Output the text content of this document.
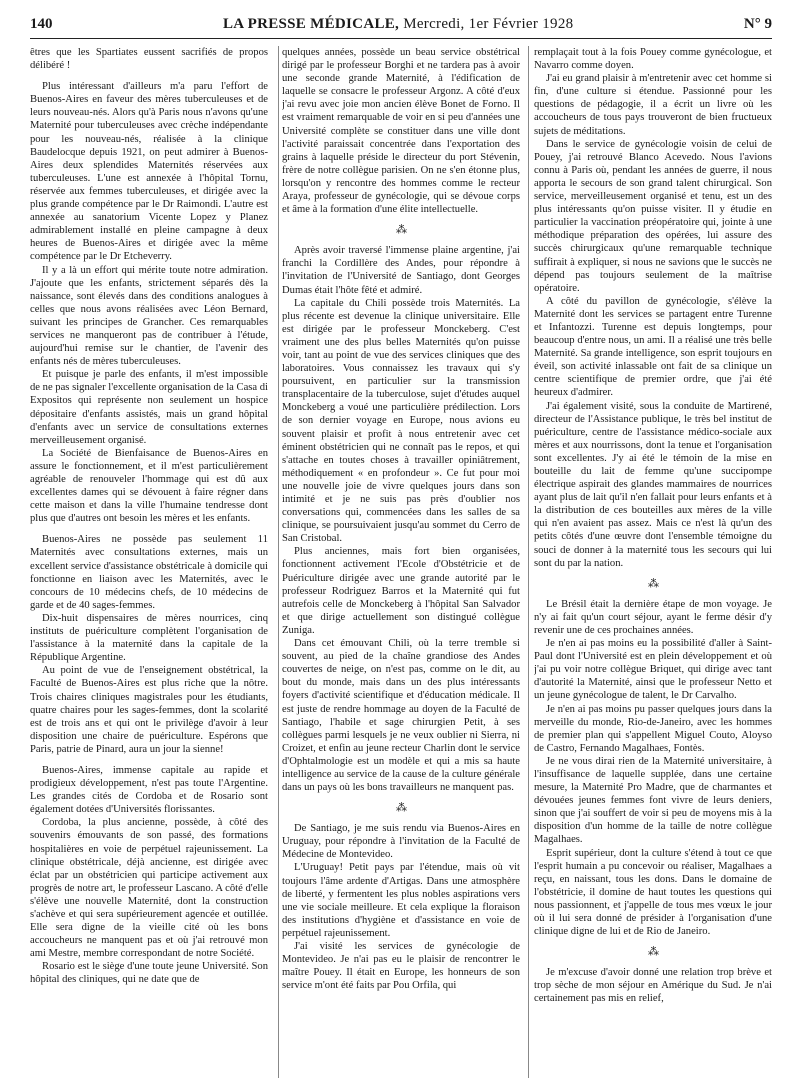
140	LA PRESSE MÉDICALE, Mercredi, 1er Février 1928	N° 9

êtres que les Spartiates eussent sacrifiés de propos délibéré !

Plus intéressant d'ailleurs m'a paru l'effort de Buenos-Aires en faveur des mères tuberculeuses et de leurs nouveau-nés. Alors qu'à Paris nous n'avons qu'une Maternité pour tuberculeuses avec crèche indépendante pour les nouveau-nés, réalisée à la clinique Baudelocque depuis 1921, on peut admirer à Buenos-Aires deux splendides Maternités réservées aux tuberculeuses. L'une est annexée à l'hôpital Tornu, réservée aux femmes tuberculeuses, et dirigée avec la plus grande compétence par le Dr Raimondi. L'autre est annexée au sanatorium Vicente Lopez y Planez admirablement installé en pleine campagne à deux heures de Buenos-Aires et dirigée avec la même compétence par le Dr Etcheverry.

Il y a là un effort qui mérite toute notre admiration. J'ajoute que les enfants, strictement séparés dès la naissance, sont élevés dans des conditions analogues à celles que nous avons réalisées avec Léon Bernard, suivant les principes de Grancher. Ces remarquables services ne manqueront pas de contribuer à l'étude, aujourd'hui remise sur le chantier, de l'avenir des enfants nés de mères tuberculeuses.

Et puisque je parle des enfants, il m'est impossible de ne pas signaler l'excellente organisation de la Casa di Expositos qui représente non seulement un hospice dépositaire d'enfants assistés, mais un grand hôpital d'enfants avec un service de consultations externes merveilleusement organisé.

La Société de Bienfaisance de Buenos-Aires en assure le fonctionnement, et il m'est particulièrement agréable de renouveler l'hommage qui est dû aux excellentes dames qui se dévouent à faire régner dans cette maison et dans la ville l'humaine tendresse dont plus que d'autres ont besoin les mères et les enfants.

Buenos-Aires ne possède pas seulement 11 Maternités avec consultations externes, mais un excellent service d'assistance obstétricale à domicile qui fonctionne en liaison avec les Maternités, avec le concours de 10 médecins chefs, de 10 médecins de garde et de 40 sages-femmes.

Dix-huit dispensaires de mères nourrices, cinq instituts de puériculture complètent l'organisation de l'assistance à la maternité dans la capitale de la République Argentine.

Au point de vue de l'enseignement obstétrical, la Faculté de Buenos-Aires est plus riche que la nôtre. Trois chaires cliniques magistrales pour les étudiants, quatre chaires pour les sages-femmes, dont la scolarité est de trois ans et qui ont le privilège d'avoir à leur disposition une chaire de puériculture. Espérons que Paris, patrie de Pinard, aura un jour la sienne!

Buenos-Aires, immense capitale au rapide et prodigieux développement, n'est pas toute l'Argentine. Les grandes cités de Cordoba et de Rosario sont également dotées d'Universités florissantes.

Cordoba, la plus ancienne, possède, à côté des souvenirs émouvants de son passé, des formations hospitalières en voie de perpétuel rajeunissement. La clinique obstétricale, déjà ancienne, est dirigée avec éclat par un obstétricien qui participe activement aux progrès de notre art, le professeur Lascano. A côté d'elle s'élève une nouvelle Maternité, dont la construction s'achève et qui sera supérieurement agencée et outillée. Elle sera digne de la vieille cité où les bons accoucheurs ne manquent pas et où j'ai retrouvé mon ami Mestre, membre correspondant de notre Société.

Rosario est le siège d'une toute jeune Université. Son hôpital des cliniques, qui ne date que de

quelques années, possède un beau service obstétrical dirigé par le professeur Borghi et ne tardera pas à avoir une seconde grande Maternité, à l'édification de laquelle se consacre le professeur Argonz. A côté d'eux j'ai revu avec joie mon ancien élève Bonet de Forno. Il est vraiment remarquable de voir en si peu d'années une Université complète se constituer dans une ville dont l'activité paraissait concentrée dans l'exportation des grains à laquelle préside le directeur du port Stévenin, frère de notre collègue parisien. On ne s'en étonne plus, lorsqu'on y rencontre des hommes comme le recteur Araya, professeur de gynécologie, qui se dévoue corps et âme à la formation d'une élite intellectuelle.

⁂

Après avoir traversé l'immense plaine argentine, j'ai franchi la Cordillère des Andes, pour répondre à l'invitation de l'Université de Santiago, dont Georges Dumas était l'hôte fêté et admiré.

La capitale du Chili possède trois Maternités. La plus récente est devenue la clinique universitaire. Elle est dirigée par le professeur Monckeberg. C'est vraiment une des plus belles Maternités qu'on puisse voir, tant au point de vue des services cliniques que des laboratoires. Vous connaissez les travaux qui s'y poursuivent, en particulier sur la transmission transplacentaire de la tuberculose, sujet d'études auquel Monckeberg a voué une particulière prédilection. Lors de son dernier voyage en Europe, nous avions eu souvent plaisir et profit à nous entretenir avec cet éminent obstétricien qui ne connaît pas le repos, et qui s'attache en toutes choses à travailler opiniâtrement, méthodiquement « en profondeur ». Ce fut pour moi une nouvelle joie de vivre quelques jours dans son intimité et je ne suis pas près d'oublier nos conversations qui, commencées dans les salles de sa clinique, se poursuivaient jusqu'au sommet du Cerro de San Cristobal.

Plus anciennes, mais fort bien organisées, fonctionnent activement l'Ecole d'Obstétricie et de Puériculture dirigée avec une grande autorité par le professeur Rodriguez Barros et la Maternité qui fut autrefois celle de Monckeberg à l'hôpital San Salvador et que dirige actuellement son distingué collègue Zuniga.

Dans cet émouvant Chili, où la terre tremble si souvent, au pied de la chaîne grandiose des Andes couvertes de neige, on n'est pas, comme on le dit, au bout du monde, mais dans un des plus intéressants foyers d'activité scientifique et d'éducation médicale. Il est juste de rendre hommage au doyen de la Faculté de Santiago, l'habile et sage chirurgien Petit, à ses collègues parmi lesquels je ne veux oublier ni Sierra, ni Croizet, et enfin au jeune recteur Charlin dont le service d'Ophtalmologie est un modèle et qui a mis sa haute intelligence au service de la cause de la culture générale dans un pays où les bons travailleurs ne manquent pas.

⁂

De Santiago, je me suis rendu via Buenos-Aires en Uruguay, pour répondre à l'invitation de la Faculté de Médecine de Montevideo.

L'Uruguay! Petit pays par l'étendue, mais où vit toujours l'âme ardente d'Artigas. Dans une atmosphère de liberté, y fermentent les plus nobles aspirations vers une vie sociale meilleure. Et cela explique la floraison des institutions d'hygiène et d'assistance en voie de perpétuel rajeunissement.

J'ai visité les services de gynécologie de Montevideo. Je n'ai pas eu le plaisir de rencontrer le maître Pouey. Il était en Europe, les honneurs de son service m'ont été faits par Pou Orfila, qui

remplaçait tout à la fois Pouey comme gynécologue, et Navarro comme doyen.

J'ai eu grand plaisir à m'entretenir avec cet homme si fin, d'une culture si étendue. Passionné pour les questions de pédagogie, il a écrit un livre où les accoucheurs de tous pays trouveront de bien fructueux sujets de méditations.

Dans le service de gynécologie voisin de celui de Pouey, j'ai retrouvé Blanco Acevedo. Nous l'avions connu à Paris où, pendant les années de guerre, il nous apporta le secours de son grand talent chirurgical. Son service, merveilleusement organisé et tenu, est un des plus intéressants qu'on puisse visiter. Il y étudie en particulier la vaccination préopératoire qui, jointe à une méthodique préparation des opérées, lui assure des succès chirurgicaux qu'une remarquable technique suffirait à expliquer, si nous ne savions que le succès ne dépend pas toujours seulement de la maîtrise opératoire.

A côté du pavillon de gynécologie, s'élève la Maternité dont les services se partagent entre Turenne et Infantozzi. Turenne est depuis longtemps, pour beaucoup d'entre nous, un ami. Il a réalisé une très belle Maternité. Sa grande intelligence, son esprit toujours en éveil, son activité inlassable ont fait de sa clinique un centre scientifique de premier ordre, que j'ai été heureux d'admirer.

J'ai également visité, sous la conduite de Martirené, directeur de l'Assistance publique, le très bel institut de puériculture, centre de l'assistance médico-sociale aux mères et aux nourrissons, dont la tenue et l'organisation sont excellentes. J'y ai été le témoin de la mise en bouteille du lait de femme qu'une succipompe électrique aspirait des glandes mammaires de nourrices ayant plus de lait qu'il n'en fallait pour leurs enfants et à la distribution de ces bouteilles aux mères de la ville qui n'en avaient pas assez. Mais ce n'est là qu'un des petits côtés d'une œuvre dont l'ensemble témoigne du souci de donner à la maternité tous les secours qui lui sont du par la nation.

⁂

Le Brésil était la dernière étape de mon voyage. Je n'y ai fait qu'un court séjour, ayant le ferme désir d'y revenir une de ces prochaines années.

Je n'en ai pas moins eu la possibilité d'aller à Saint-Paul dont l'Université est en plein développement et où j'ai pu voir notre collègue Briquet, qui dirige avec tant d'autorité la Maternité, ainsi que le professeur Netto et un jeune gynécologue de talent, le Dr Carvalho.

Je n'en ai pas moins pu passer quelques jours dans la merveille du monde, Rio-de-Janeiro, avec les hommes de premier plan qui s'appellent Miguel Couto, Aloyso de Castro, Fernando Magalhaes, Fontès.

Je ne vous dirai rien de la Maternité universitaire, à l'insuffisance de laquelle supplée, dans une certaine mesure, la Maternité Pro Madre, que de charmantes et dévouées jeunes femmes font vivre de leurs deniers, sinon que j'ai souffert de voir si peu de moyens mis à la disposition d'un homme de la taille de notre collègue Magalhaes.

Esprit supérieur, dont la culture s'étend à tout ce que l'esprit humain a pu concevoir ou réaliser, Magalhaes a reçu, en naissant, tous les dons. Dans le domaine de l'obstétricie, il domine de haut toutes les questions qui nous passionnent, et j'appelle de tous mes vœux le jour où il lui sera donné de présider à l'organisation d'une clinique digne de lui et de Rio de Janeiro.

⁂

Je m'excuse d'avoir donné une relation trop brève et trop sèche de mon séjour en Amérique du Sud. Je n'ai certainement pas mis en relief,
